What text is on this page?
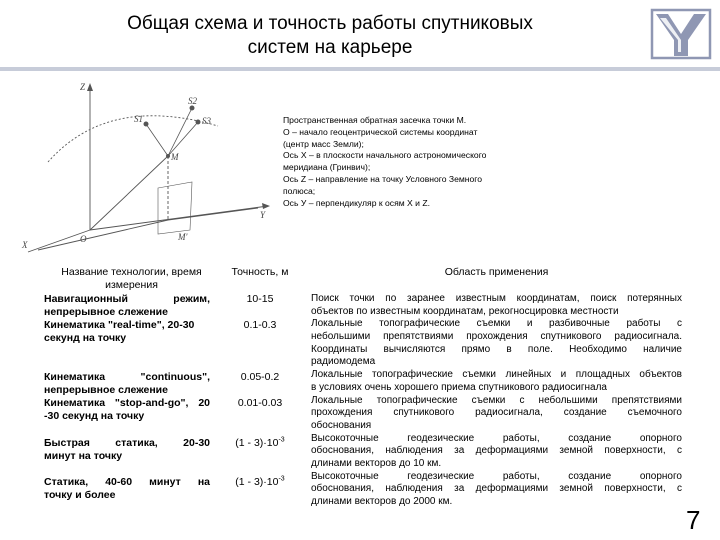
Общая схема и точность работы спутниковых
систем на карьере
Z
X
Y
M
M'
S1
S2
S3
O
Пространственная обратная засечка точки М.
О – начало геоцентрической системы координат
(центр масс Земли);
Ось Х – в плоскости начального астрономического
меридиана (Гринвич);
Ось Z – направление на точку Условного Земного
полюса;
Ось У – перпендикуляр к осям Х и Z.
Название технологии, время
измерения
Точность, м	Область применения
Навигационный режим,
непрерывное слежение
Кинематика "real-time", 20-30
секунд на точку
Кинематика "continuous",
непрерывное слежение
Кинематика "stop-and-go", 20
-30 секунд на точку
Быстрая статика, 20-30
минут на точку
Статика, 40-60 минут на
точку и более
10-15
0.1-0.3
0.05-0.2
0.01-0.03
$(1 - 3)\cdot 10^{-3}$
$(1 - 3)\cdot 10^{-3}$
Поиск точки по заранее известным координатам, поиск потерянных
объектов по известным координатам, рекогносцировка местности
Локальные топографические съемки и разбивочные работы с
небольшими препятствиями прохождения спутникового радиосигнала.
Координаты вычисляются прямо в поле. Необходимо наличие
радиомодема
Локальные топографические съемки линейных и площадных объектов
в условиях очень хорошего приема спутникового радиосигнала
Локальные топографические съемки с небольшими препятствиями
прохождения спутникового радиосигнала, создание съемочного
обоснования
Высокоточные геодезические работы, создание опорного
обоснования, наблюдения за деформациями земной поверхности, с
длинами векторов до 10 км.
Высокоточные геодезические работы, создание опорного
обоснования, наблюдения за деформациями земной поверхности, с
длинами векторов до 2000 км.
7
